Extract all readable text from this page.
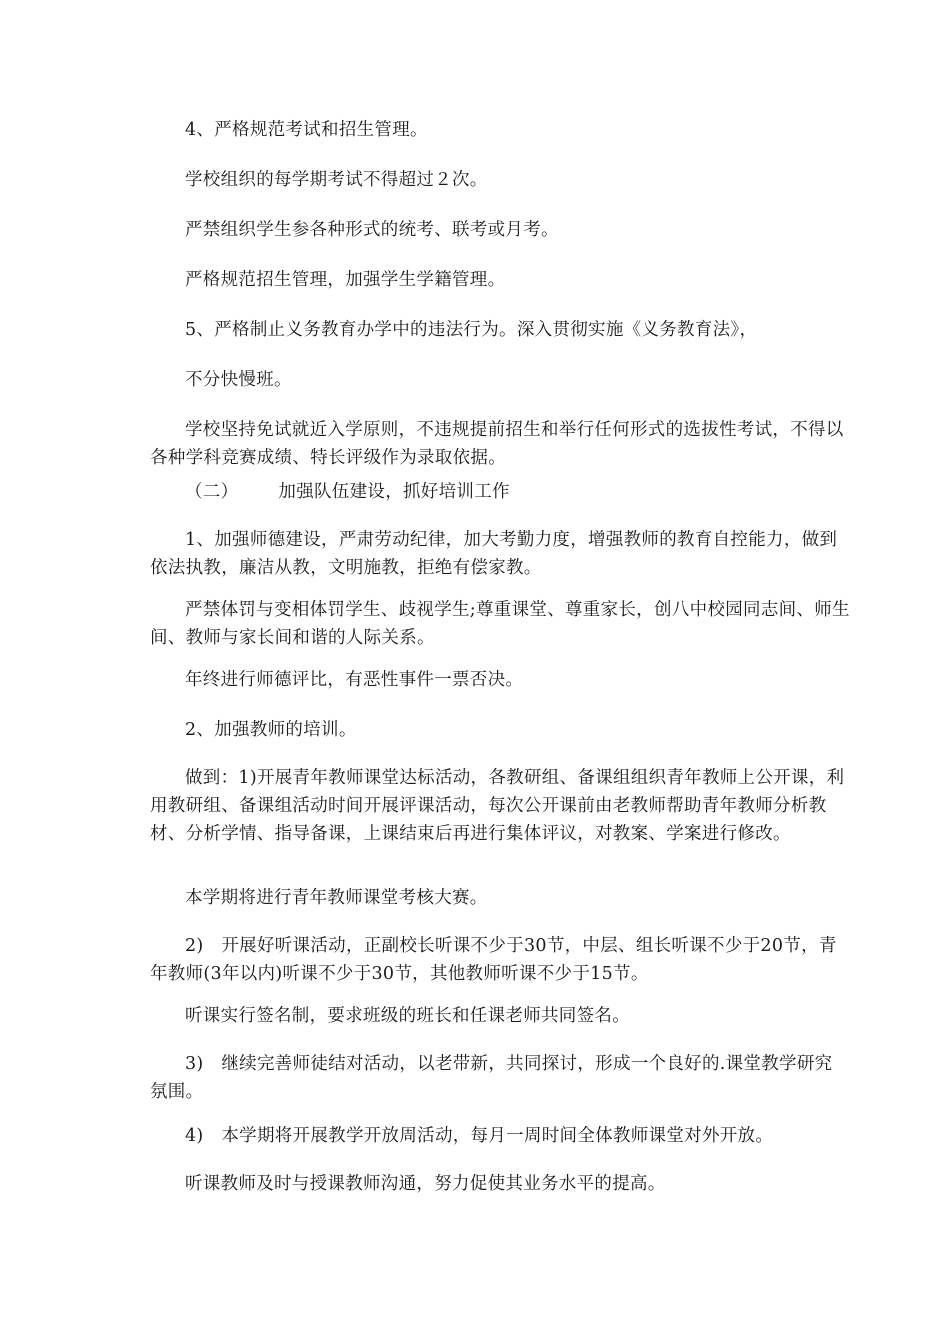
4、严格规范考试和招生管理。

学校组织的每学期考试不得超过２次。

严禁组织学生参各种形式的统考、联考或月考。

严格规范招生管理，加强学生学籍管理。

5、严格制止义务教育办学中的违法行为。深入贯彻实施《义务教育法》，

不分快慢班。

学校坚持免试就近入学原则，不违规提前招生和举行任何形式的选拔性考试，不得以各种学科竞赛成绩、特长评级作为录取依据。

（二） 加强队伍建设，抓好培训工作

1、加强师德建设，严肃劳动纪律，加大考勤力度，增强教师的教育自控能力，做到依法执教，廉洁从教，文明施教，拒绝有偿家教。

严禁体罚与变相体罚学生、歧视学生;尊重课堂、尊重家长，创八中校园同志间、师生间、教师与家长间和谐的人际关系。

年终进行师德评比，有恶性事件一票否决。

2、加强教师的培训。

做到：1)开展青年教师课堂达标活动，各教研组、备课组组织青年教师上公开课，利用教研组、备课组活动时间开展评课活动，每次公开课前由老教师帮助青年教师分析教材、分析学情、指导备课，上课结束后再进行集体评议，对教案、学案进行修改。

本学期将进行青年教师课堂考核大赛。

2)　开展好听课活动，正副校长听课不少于30节，中层、组长听课不少于20节，青年教师(3年以内)听课不少于30节，其他教师听课不少于15节。

听课实行签名制，要求班级的班长和任课老师共同签名。

3)　继续完善师徒结对活动，以老带新，共同探讨，形成一个良好的.课堂教学研究氛围。

4)　本学期将开展教学开放周活动，每月一周时间全体教师课堂对外开放。

听课教师及时与授课教师沟通，努力促使其业务水平的提高。
